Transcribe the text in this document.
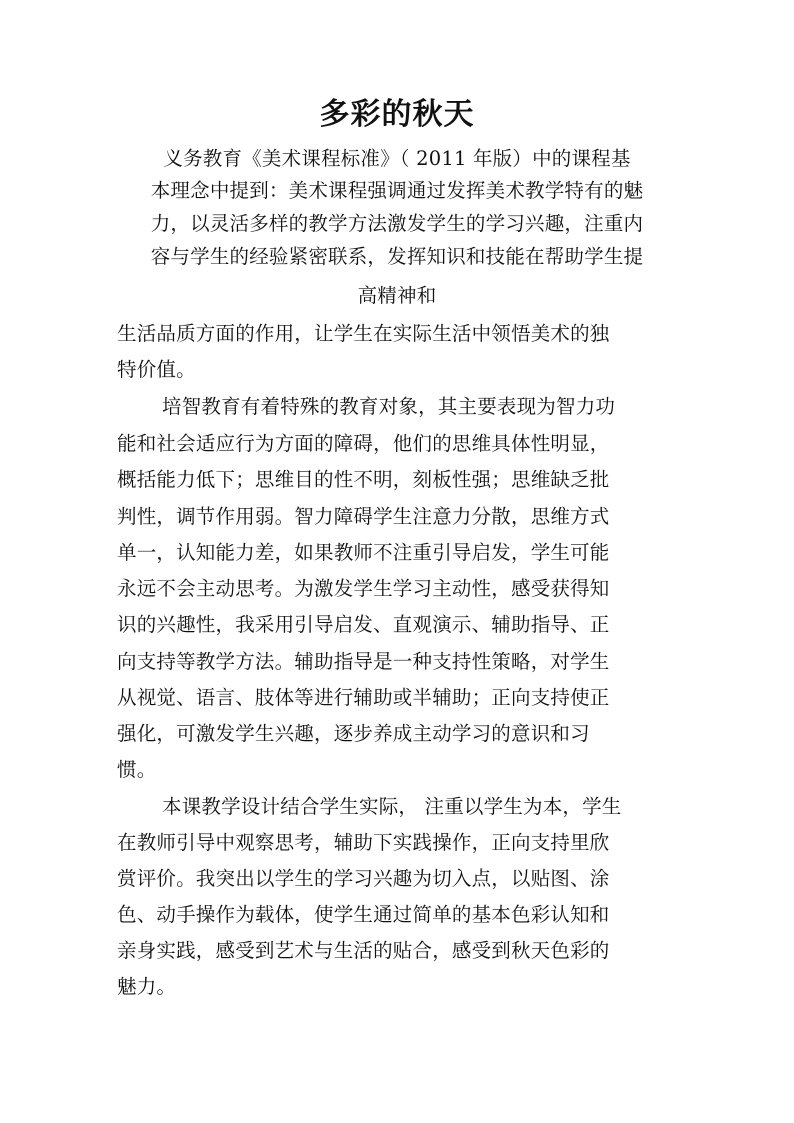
多彩的秋天
义务教育《美术课程标准》（ 2011 年版）中的课程基
本理念中提到：美术课程强调通过发挥美术教学特有的魅
力，以灵活多样的教学方法激发学生的学习兴趣，注重内
容与学生的经验紧密联系，发挥知识和技能在帮助学生提
高精神和
生活品质方面的作用，让学生在实际生活中领悟美术的独
特价值。
培智教育有着特殊的教育对象，其主要表现为智力功
能和社会适应行为方面的障碍，他们的思维具体性明显，
概括能力低下；思维目的性不明，刻板性强；思维缺乏批
判性，调节作用弱。智力障碍学生注意力分散，思维方式
单一，认知能力差，如果教师不注重引导启发，学生可能
永远不会主动思考。为激发学生学习主动性，感受获得知
识的兴趣性，我采用引导启发、直观演示、辅助指导、正
向支持等教学方法。辅助指导是一种支持性策略，对学生
从视觉、语言、肢体等进行辅助或半辅助；正向支持使正
强化，可激发学生兴趣，逐步养成主动学习的意识和习
惯。
本课教学设计结合学生实际， 注重以学生为本，学生
在教师引导中观察思考，辅助下实践操作，正向支持里欣
赏评价。我突出以学生的学习兴趣为切入点，以贴图、涂
色、动手操作为载体，使学生通过简单的基本色彩认知和
亲身实践，感受到艺术与生活的贴合，感受到秋天色彩的
魅力。
